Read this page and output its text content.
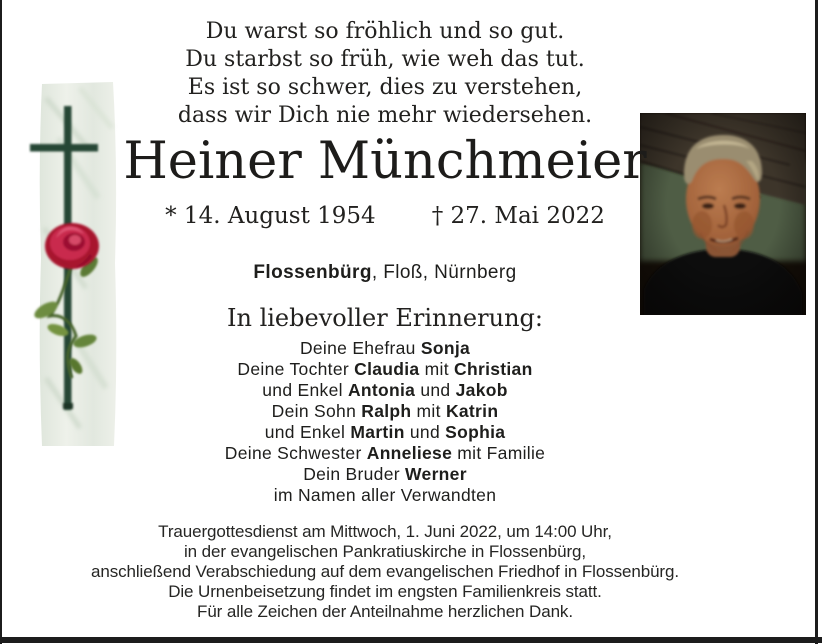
Du warst so fröhlich und so gut.
Du starbst so früh, wie weh das tut.
Es ist so schwer, dies zu verstehen,
dass wir Dich nie mehr wiedersehen.
Heiner Münchmeier
* 14. August 1954 † 27. Mai 2022
Flossenbürg, Floß, Nürnberg
In liebevoller Erinnerung:
Deine Ehefrau Sonja
Deine Tochter Claudia mit Christian
und Enkel Antonia und Jakob
Dein Sohn Ralph mit Katrin
und Enkel Martin und Sophia
Deine Schwester Anneliese mit Familie
Dein Bruder Werner
im Namen aller Verwandten
Trauergottesdienst am Mittwoch, 1. Juni 2022, um 14:00 Uhr,
in der evangelischen Pankratiuskirche in Flossenbürg,
anschließend Verabschiedung auf dem evangelischen Friedhof in Flossenbürg.
Die Urnenbeisetzung findet im engsten Familienkreis statt.
Für alle Zeichen der Anteilnahme herzlichen Dank.
